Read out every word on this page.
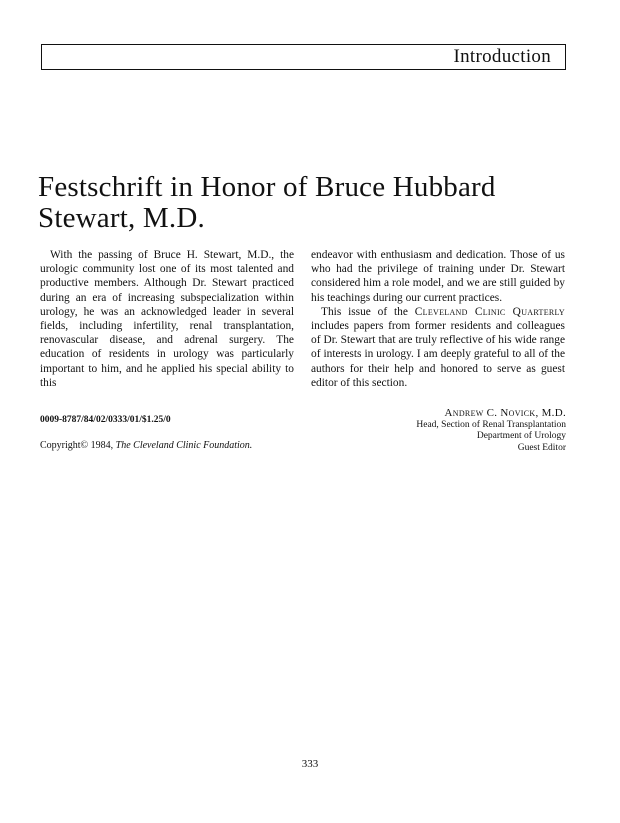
Introduction
Festschrift in Honor of Bruce Hubbard Stewart, M.D.

With the passing of Bruce H. Stewart, M.D., the urologic community lost one of its most talented and productive members. Although Dr. Stewart practiced during an era of increasing subspecialization within urology, he was an acknowledged leader in several fields, including infertility, renal transplantation, renovascular disease, and adrenal surgery. The education of residents in urology was particularly important to him, and he applied his special ability to this

endeavor with enthusiasm and dedication. Those of us who had the privilege of training under Dr. Stewart considered him a role model, and we are still guided by his teachings during our current practices.

This issue of the Cleveland Clinic Quarterly includes papers from former residents and colleagues of Dr. Stewart that are truly reflective of his wide range of interests in urology. I am deeply grateful to all of the authors for their help and honored to serve as guest editor of this section.

0009-8787/84/02/0333/01/$1.25/0
Copyright© 1984, The Cleveland Clinic Foundation.
Andrew C. Novick, M.D.
Head, Section of Renal Transplantation
Department of Urology
Guest Editor
333
